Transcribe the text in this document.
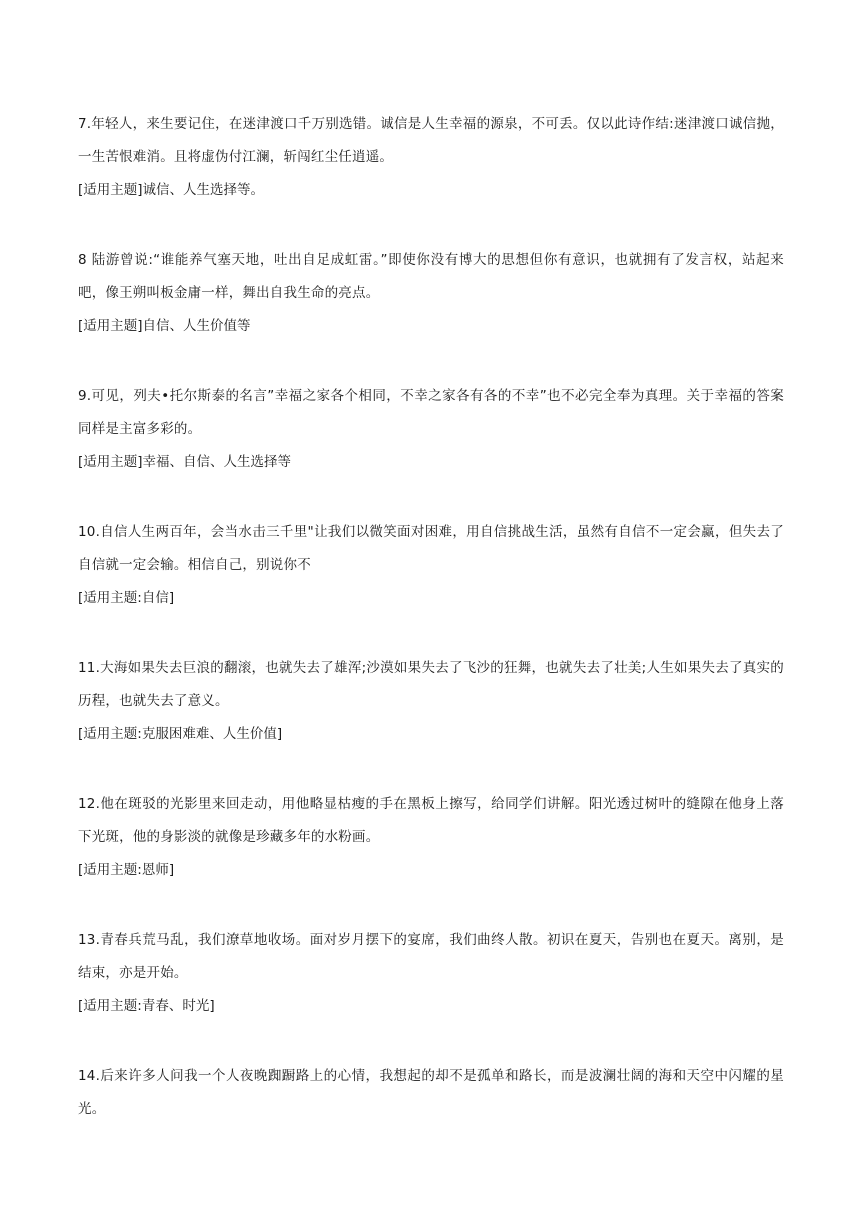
7.年轻人，来生要记住，在迷津渡口千万别选错。诚信是人生幸福的源泉，不可丢。仅以此诗作结:迷津渡口诚信抛，一生苦恨难消。且将虚伪付江澜，斩闯红尘任逍遥。

[适用主题]诚信、人生选择等。

8 陆游曾说:“谁能养气塞天地，吐出自足成虹雷。”即使你没有博大的思想但你有意识，也就拥有了发言权，站起来吧，像王朔叫板金庸一样，舞出自我生命的亮点。

[适用主题]自信、人生价值等

9.可见，列夫•托尔斯泰的名言”幸福之家各个相同，不幸之家各有各的不幸”也不必完全奉为真理。关于幸福的答案同样是主富多彩的。

[适用主题]幸福、自信、人生选择等

10.自信人生两百年，会当水击三千里"让我们以微笑面对困难，用自信挑战生活，虽然有自信不一定会赢，但失去了自信就一定会输。相信自己，别说你不

[适用主题:自信]

11.大海如果失去巨浪的翻滚，也就失去了雄浑;沙漠如果失去了飞沙的狂舞，也就失去了壮美;人生如果失去了真实的历程，也就失去了意义。

[适用主题:克服困难难、人生价值]

12.他在斑驳的光影里来回走动，用他略显枯瘦的手在黑板上擦写，给同学们讲解。阳光透过树叶的缝隙在他身上落下光斑，他的身影淡的就像是珍藏多年的水粉画。

[适用主题:恩师]

13.青春兵荒马乱，我们潦草地收场。面对岁月摆下的宴席，我们曲终人散。初识在夏天，告别也在夏天。离别，是结束，亦是开始。

[适用主题:青春、时光]

14.后来许多人问我一个人夜晚踟蹰路上的心情，我想起的却不是孤单和路长，而是波澜壮阔的海和天空中闪耀的星光。
